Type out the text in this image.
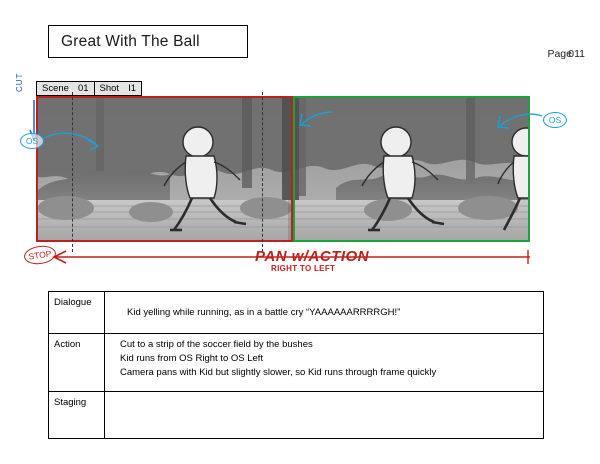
Great With The Ball
Page
011
Scene 01 Shot I1
CUT
OS
OS
STOP	PAN w/ACTION
RIGHT TO LEFT
Dialogue
Kid yelling while running, as in a battle cry “YAAAAAARRRRGH!”
Action	Cut to a strip of the soccer field by the bushes
Kid runs from OS Right to OS Left
Camera pans with Kid but slightly slower, so Kid runs through frame quickly
Staging
